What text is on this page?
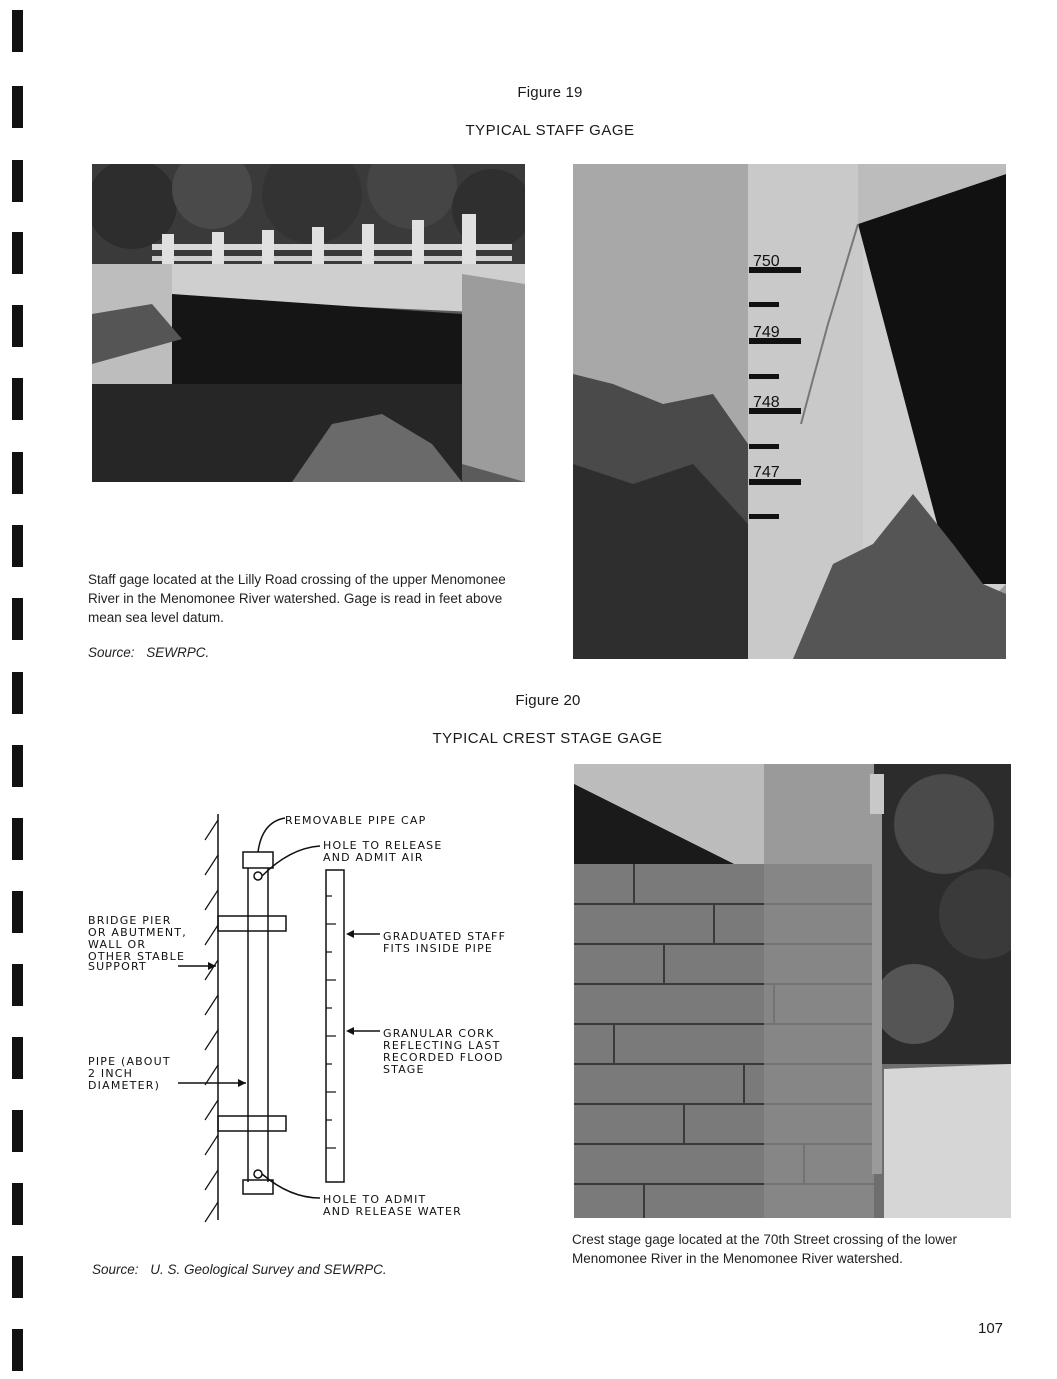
Figure 19
TYPICAL STAFF GAGE
750
749
748
747
Staff gage located at the Lilly Road crossing of the upper Menomonee River in the Menomonee River watershed. Gage is read in feet above mean sea level datum.
Source: SEWRPC.
Figure 20
TYPICAL CREST STAGE GAGE
REMOVABLE PIPE CAP
HOLE TO RELEASE
AND ADMIT AIR
BRIDGE PIER
OR ABUTMENT,
WALL OR
OTHER STABLE
SUPPORT
GRADUATED STAFF
FITS INSIDE PIPE
GRANULAR CORK
REFLECTING LAST
RECORDED FLOOD
STAGE
PIPE (ABOUT
2 INCH
DIAMETER)
HOLE TO ADMIT
AND RELEASE WATER
Source: U. S. Geological Survey and SEWRPC.
Crest stage gage located at the 70th Street crossing of the lower Menomonee River in the Menomonee River watershed.
107
